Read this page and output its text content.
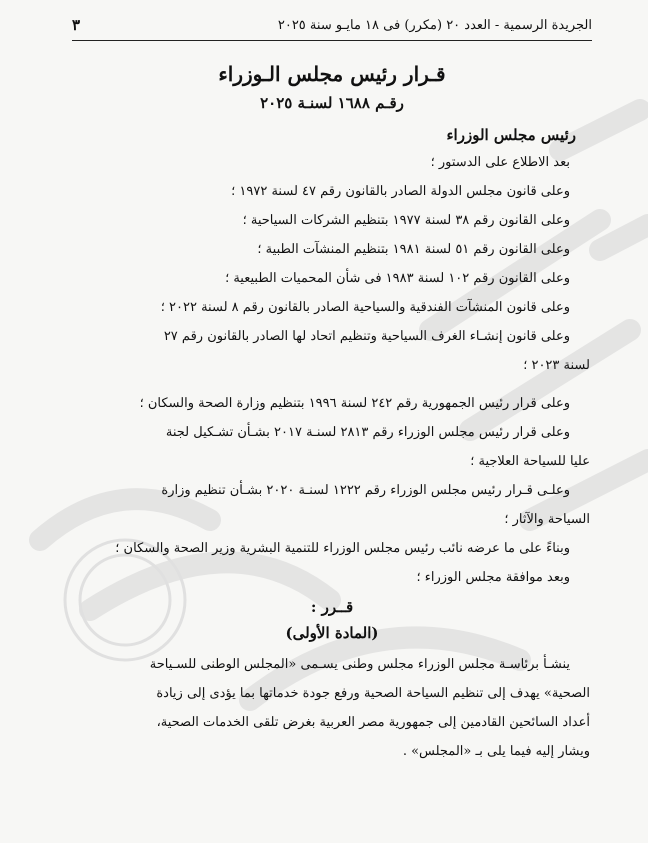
الجريدة الرسمية - العدد ٢٠ (مكرر) فى ١٨ مايـو سنة ٢٠٢٥
٣
قـرار رئيس مجلس الـوزراء
رقـم ١٦٨٨ لسنـة ٢٠٢٥
رئيس مجلس الوزراء
بعد الاطلاع على الدستور ؛
وعلى قانون مجلس الدولة الصادر بالقانون رقم ٤٧ لسنة ١٩٧٢ ؛
وعلى القانون رقم ٣٨ لسنة ١٩٧٧ بتنظيم الشركات السياحية ؛
وعلى القانون رقم ٥١ لسنة ١٩٨١ بتنظيم المنشآت الطبية ؛
وعلى القانون رقم ١٠٢ لسنة ١٩٨٣ فى شأن المحميات الطبيعية ؛
وعلى قانون المنشآت الفندقية والسياحية الصادر بالقانون رقم ٨ لسنة ٢٠٢٢ ؛
وعلى قانون إنشـاء الغرف السياحية وتنظيم اتحاد لها الصادر بالقانون رقم ٢٧
لسنة ٢٠٢٣ ؛
وعلى قرار رئيس الجمهورية رقم ٢٤٢ لسنة ١٩٩٦ بتنظيم وزارة الصحة والسكان ؛
وعلى قرار رئيس مجلس الوزراء رقم ٢٨١٣ لسنـة ٢٠١٧ بشـأن تشـكيل لجنة
عليا للسياحة العلاجية ؛
وعلـى قـرار رئيس مجلس الوزراء رقم ١٢٢٢ لسنـة ٢٠٢٠ بشـأن تنظيم وزارة
السياحة والآثار ؛
وبناءً على ما عرضه نائب رئيس مجلس الوزراء للتنمية البشرية وزير الصحة والسكان ؛
وبعد موافقة مجلس الوزراء ؛
قــرر :
(المادة الأولى)
ينشـأ برئاسـة مجلس الوزراء مجلس وطنى يسـمى «المجلس الوطنى للسـياحة
الصحية» يهدف إلى تنظيم السياحة الصحية ورفع جودة خدماتها بما يؤدى إلى زيادة
أعداد السائحين القادمين إلى جمهورية مصر العربية بغرض تلقى الخدمات الصحية،
ويشار إليه فيما يلى بـ «المجلس» .
